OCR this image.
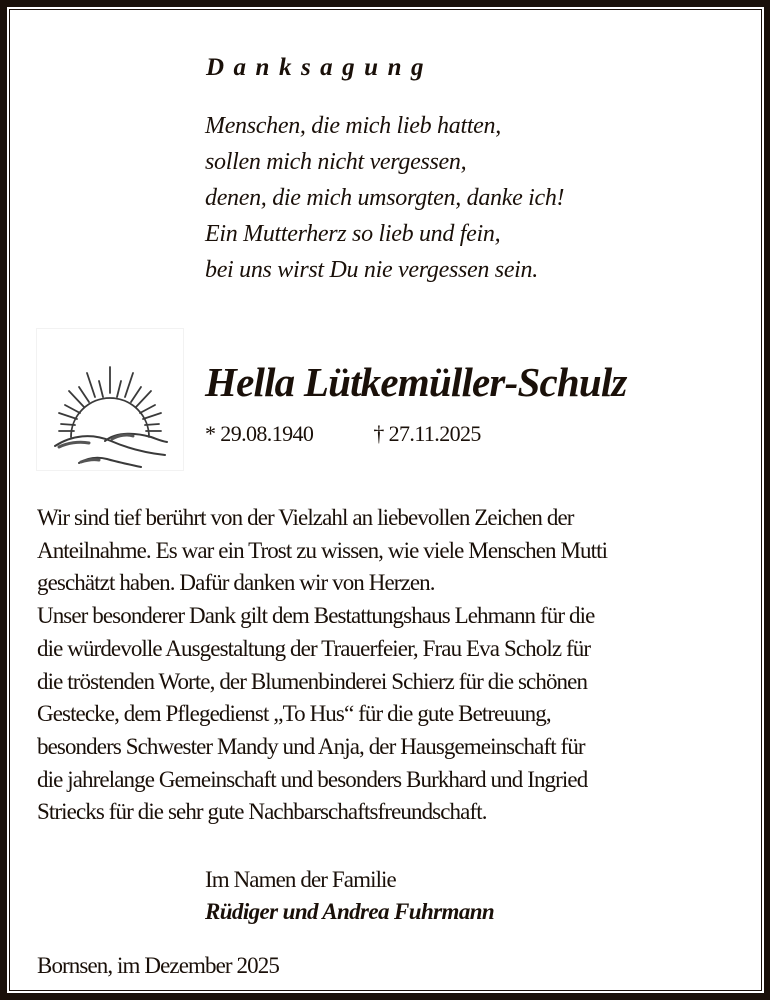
Danksagung
Menschen, die mich lieb hatten,
sollen mich nicht vergessen,
denen, die mich umsorgten, danke ich!
Ein Mutterherz so lieb und fein,
bei uns wirst Du nie vergessen sein.
Hella Lütkemüller-Schulz
* 29.08.1940	† 27.11.2025
Wir sind tief berührt von der Vielzahl an liebevollen Zeichen der
Anteilnahme. Es war ein Trost zu wissen, wie viele Menschen Mutti
geschätzt haben. Dafür danken wir von Herzen.
Unser besonderer Dank gilt dem Bestattungshaus Lehmann für die
die würdevolle Ausgestaltung der Trauerfeier, Frau Eva Scholz für
die tröstenden Worte, der Blumenbinderei Schierz für die schönen
Gestecke, dem Pflegedienst „To Hus“ für die gute Betreuung,
besonders Schwester Mandy und Anja, der Hausgemeinschaft für
die jahrelange Gemeinschaft und besonders Burkhard und Ingried
Striecks für die sehr gute Nachbarschaftsfreundschaft.
Im Namen der Familie
Rüdiger und Andrea Fuhrmann
Bornsen, im Dezember 2025
